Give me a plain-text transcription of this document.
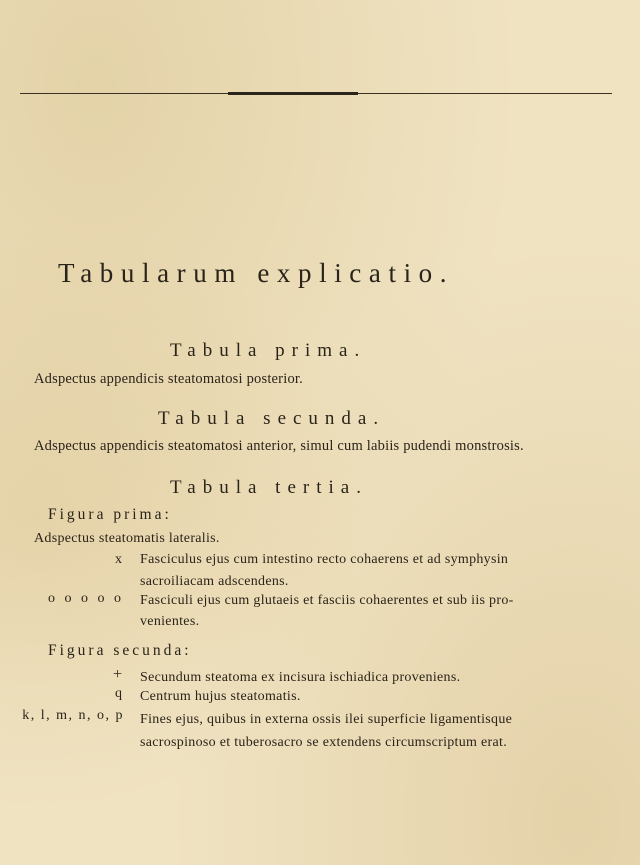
Tabularum explicatio.
Tabula prima.
Adspectus appendicis steatomatosi posterior.
Tabula secunda.
Adspectus appendicis steatomatosi anterior, simul cum labiis pudendi monstrosis.
Tabula tertia.
Figura prima:
Adspectus steatomatis lateralis.
x Fasciculus ejus cum intestino recto cohaerens et ad symphysin
sacroiliacam adscendens.
o o o o o Fasciculi ejus cum glutaeis et fasciis cohaerentes et sub iis pro-
venientes.
Figura secunda:
+ Secundum steatoma ex incisura ischiadica proveniens.
q Centrum hujus steatomatis.
k, l, m, n, o, p Fines ejus, quibus in externa ossis ilei superficie ligamentisque
sacrospinoso et tuberosacro se extendens circumscriptum erat.
